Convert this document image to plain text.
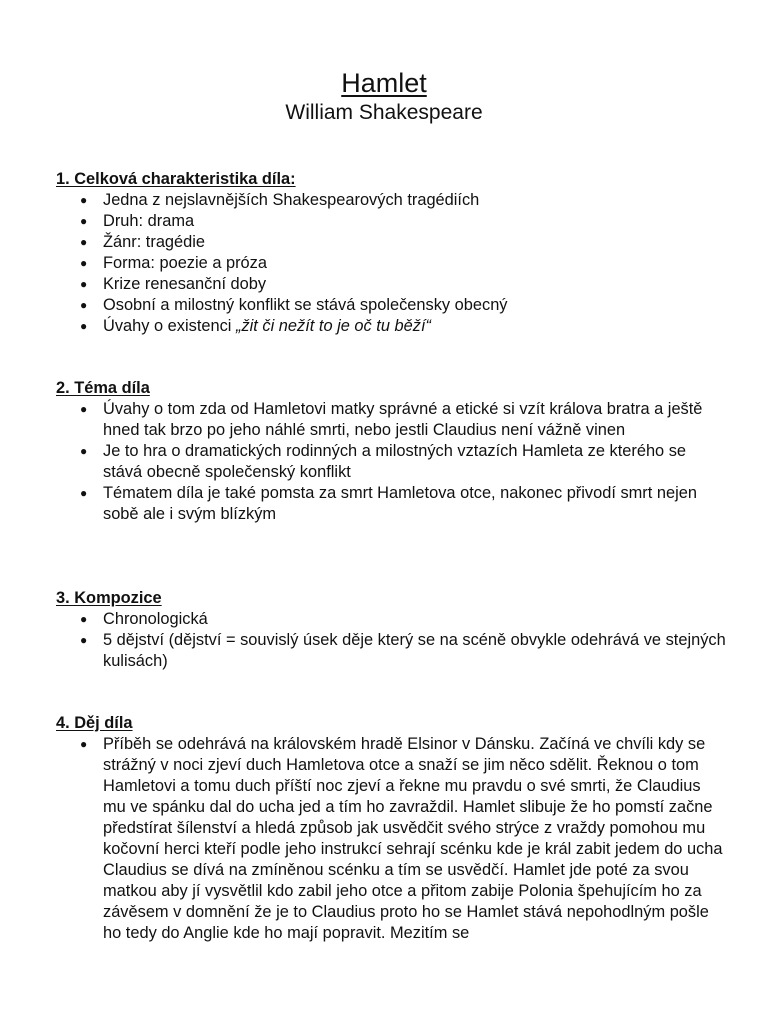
Hamlet
William Shakespeare

1. Celková charakteristika díla:

● Jedna z nejslavnějších Shakespearových tragédiích
● Druh: drama
● Žánr: tragédie
● Forma: poezie a próza
● Krize renesanční doby
● Osobní a milostný konflikt se stává společensky obecný
● Úvahy o existenci „žit či nežít to je oč tu běží“

2. Téma díla

● Úvahy o tom zda od Hamletovi matky správné a etické si vzít králova bratra a ještě hned tak brzo po jeho náhlé smrti, nebo jestli Claudius není vážně vinen
● Je to hra o dramatických rodinných a milostných vztazích Hamleta ze kterého se stává obecně společenský konflikt
● Tématem díla je také pomsta za smrt Hamletova otce, nakonec přivodí smrt nejen sobě ale i svým blízkým

3. Kompozice

● Chronologická
● 5 dějství (dějství = souvislý úsek děje který se na scéně obvykle odehrává ve stejných kulisách)

4. Děj díla

● Příběh se odehrává na královském hradě Elsinor v Dánsku. Začíná ve chvíli kdy se strážný v noci zjeví duch Hamletova otce a snaží se jim něco sdělit. Řeknou o tom Hamletovi a tomu duch příští noc zjeví a řekne mu pravdu o své smrti, že Claudius mu ve spánku dal do ucha jed a tím ho zavraždil. Hamlet slibuje že ho pomstí začne předstírat šílenství a hledá způsob jak usvědčit svého strýce z vraždy pomohou mu kočovní herci kteří podle jeho instrukcí sehrají scénku kde je král zabit jedem do ucha Claudius se dívá na zmíněnou scénku a tím se usvědčí. Hamlet jde poté za svou matkou aby jí vysvětlil kdo zabil jeho otce a přitom zabije Polonia špehujícím ho za závěsem v domnění že je to Claudius proto ho se Hamlet stává nepohodlným pošle ho tedy do Anglie kde ho mají popravit. Mezitím se
